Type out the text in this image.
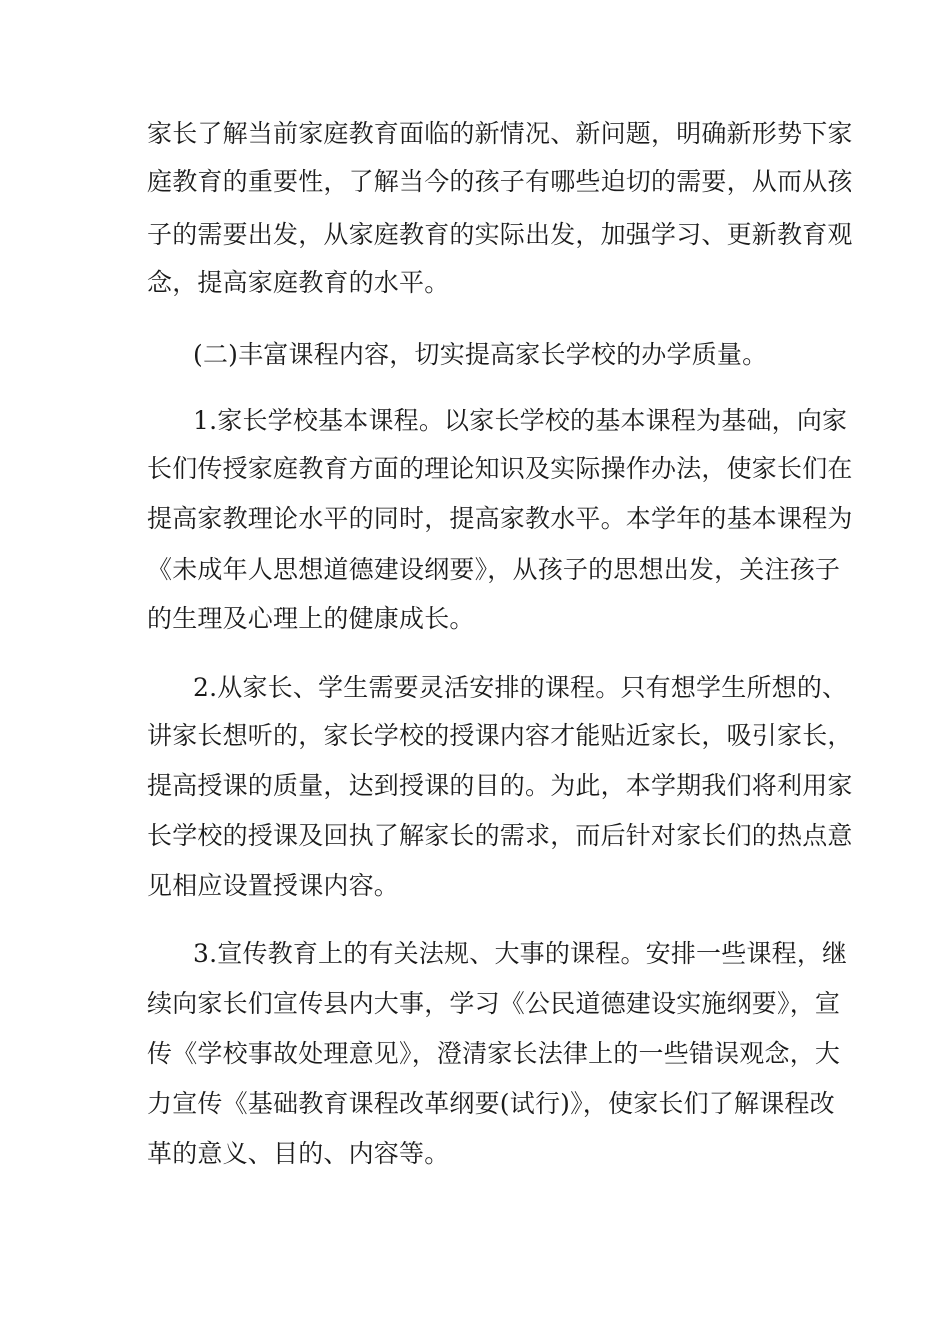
家长了解当前家庭教育面临的新情况、新问题，明确新形势下家
庭教育的重要性，了解当今的孩子有哪些迫切的需要，从而从孩
子的需要出发，从家庭教育的实际出发，加强学习、更新教育观
念，提高家庭教育的水平。
(二)丰富课程内容，切实提高家长学校的办学质量。
1.家长学校基本课程。以家长学校的基本课程为基础，向家
长们传授家庭教育方面的理论知识及实际操作办法，使家长们在
提高家教理论水平的同时，提高家教水平。本学年的基本课程为
《未成年人思想道德建设纲要》，从孩子的思想出发，关注孩子
的生理及心理上的健康成长。
2.从家长、学生需要灵活安排的课程。只有想学生所想的、
讲家长想听的，家长学校的授课内容才能贴近家长，吸引家长，
提高授课的质量，达到授课的目的。为此，本学期我们将利用家
长学校的授课及回执了解家长的需求，而后针对家长们的热点意
见相应设置授课内容。
3.宣传教育上的有关法规、大事的课程。安排一些课程，继
续向家长们宣传县内大事，学习《公民道德建设实施纲要》，宣
传《学校事故处理意见》，澄清家长法律上的一些错误观念，大
力宣传《基础教育课程改革纲要(试行)》，使家长们了解课程改
革的意义、目的、内容等。
